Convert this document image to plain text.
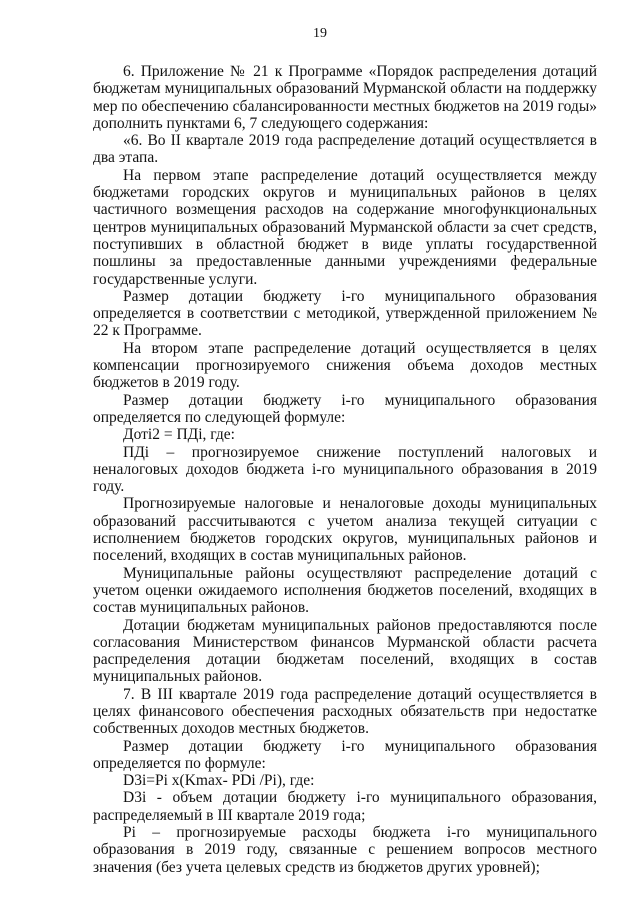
19

6. Приложение № 21 к Программе «Порядок распределения дотаций бюджетам муниципальных образований Мурманской области на поддержку мер по обеспечению сбалансированности местных бюджетов на 2019 годы» дополнить пунктами 6, 7 следующего содержания:

«6. Во II квартале 2019 года распределение дотаций осуществляется в два этапа.

На первом этапе распределение дотаций осуществляется между бюджетами городских округов и муниципальных районов в целях частичного возмещения расходов на содержание многофункциональных центров муниципальных образований Мурманской области за счет средств, поступивших в областной бюджет в виде уплаты государственной пошлины за предоставленные данными учреждениями федеральные государственные услуги.

Размер дотации бюджету i-го муниципального образования определяется в соответствии с методикой, утвержденной приложением № 22 к Программе.

На втором этапе распределение дотаций осуществляется в целях компенсации прогнозируемого снижения объема доходов местных бюджетов в 2019 году.

Размер дотации бюджету i-го муниципального образования определяется по следующей формуле:

Дотi2 = ПДi, где:

ПДi – прогнозируемое снижение поступлений налоговых и неналоговых доходов бюджета i-го муниципального образования в 2019 году.

Прогнозируемые налоговые и неналоговые доходы муниципальных образований рассчитываются с учетом анализа текущей ситуации с исполнением бюджетов городских округов, муниципальных районов и поселений, входящих в состав муниципальных районов.

Муниципальные районы осуществляют распределение дотаций с учетом оценки ожидаемого исполнения бюджетов поселений, входящих в состав муниципальных районов.

Дотации бюджетам муниципальных районов предоставляются после согласования Министерством финансов Мурманской области расчета распределения дотации бюджетам поселений, входящих в состав муниципальных районов.

7. В III квартале 2019 года распределение дотаций осуществляется в целях финансового обеспечения расходных обязательств при недостатке собственных доходов местных бюджетов.

Размер дотации бюджету i-го муниципального образования определяется по формуле:

D3i=Pi x(Kmax- PDi /Pi), где:

D3i - объем дотации бюджету i-го муниципального образования, распределяемый в III квартале 2019 года;

Pi – прогнозируемые расходы бюджета i-го муниципального образования в 2019 году, связанные с решением вопросов местного значения (без учета целевых средств из бюджетов других уровней);
